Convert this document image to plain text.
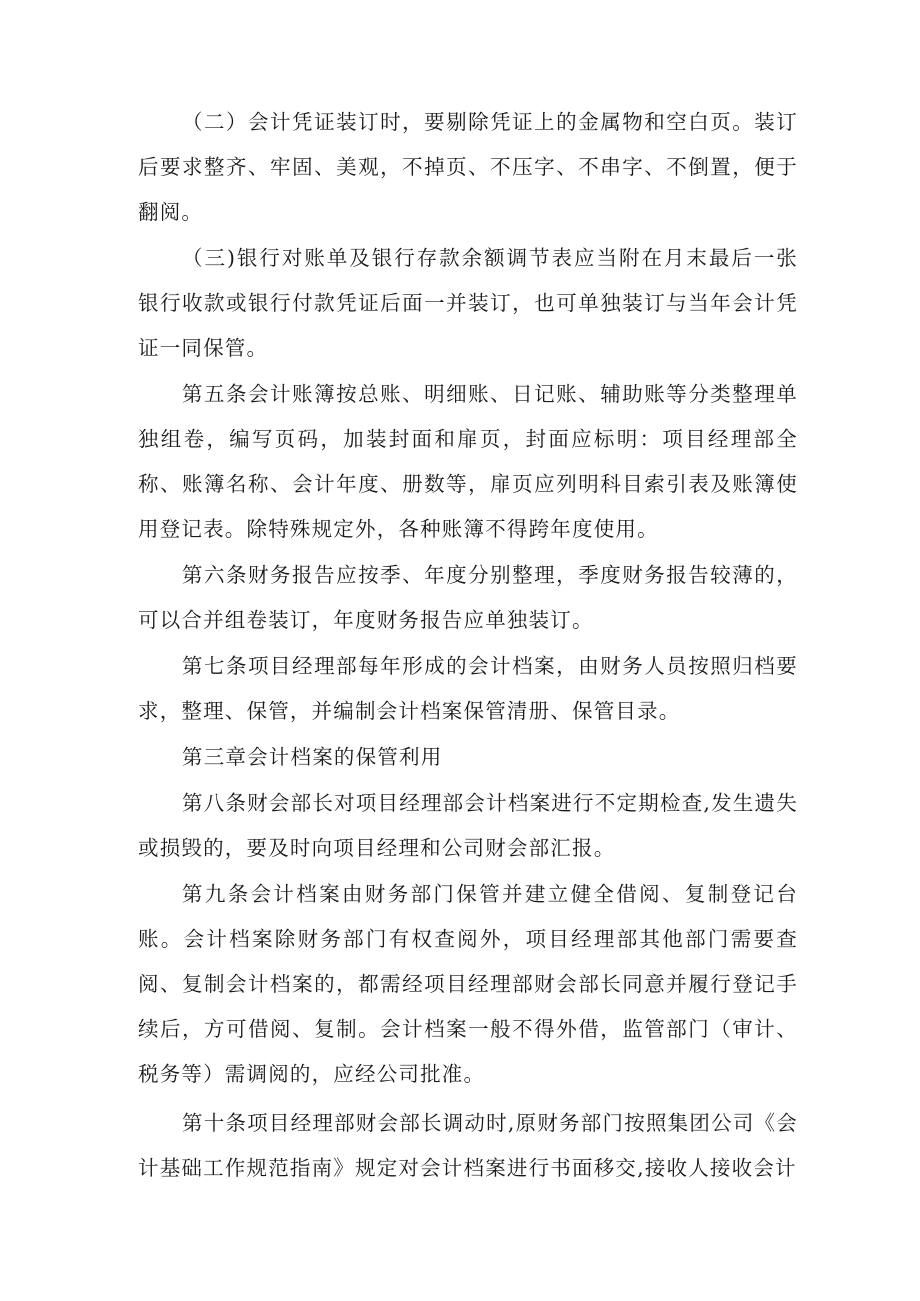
（二）会计凭证装订时，要剔除凭证上的金属物和空白页。装订后要求整齐、牢固、美观，不掉页、不压字、不串字、不倒置，便于翻阅。

（三)银行对账单及银行存款余额调节表应当附在月末最后一张银行收款或银行付款凭证后面一并装订，也可单独装订与当年会计凭证一同保管。

第五条会计账簿按总账、明细账、日记账、辅助账等分类整理单独组卷，编写页码，加装封面和扉页，封面应标明：项目经理部全称、账簿名称、会计年度、册数等，扉页应列明科目索引表及账簿使用登记表。除特殊规定外，各种账簿不得跨年度使用。

第六条财务报告应按季、年度分别整理，季度财务报告较薄的，可以合并组卷装订，年度财务报告应单独装订。

第七条项目经理部每年形成的会计档案，由财务人员按照归档要求，整理、保管，并编制会计档案保管清册、保管目录。

第三章会计档案的保管利用

第八条财会部长对项目经理部会计档案进行不定期检查,发生遗失或损毁的，要及时向项目经理和公司财会部汇报。

第九条会计档案由财务部门保管并建立健全借阅、复制登记台账。会计档案除财务部门有权查阅外，项目经理部其他部门需要查阅、复制会计档案的，都需经项目经理部财会部长同意并履行登记手续后，方可借阅、复制。会计档案一般不得外借，监管部门（审计、税务等）需调阅的，应经公司批准。

第十条项目经理部财会部长调动时,原财务部门按照集团公司《会计基础工作规范指南》规定对会计档案进行书面移交,接收人接收会计
